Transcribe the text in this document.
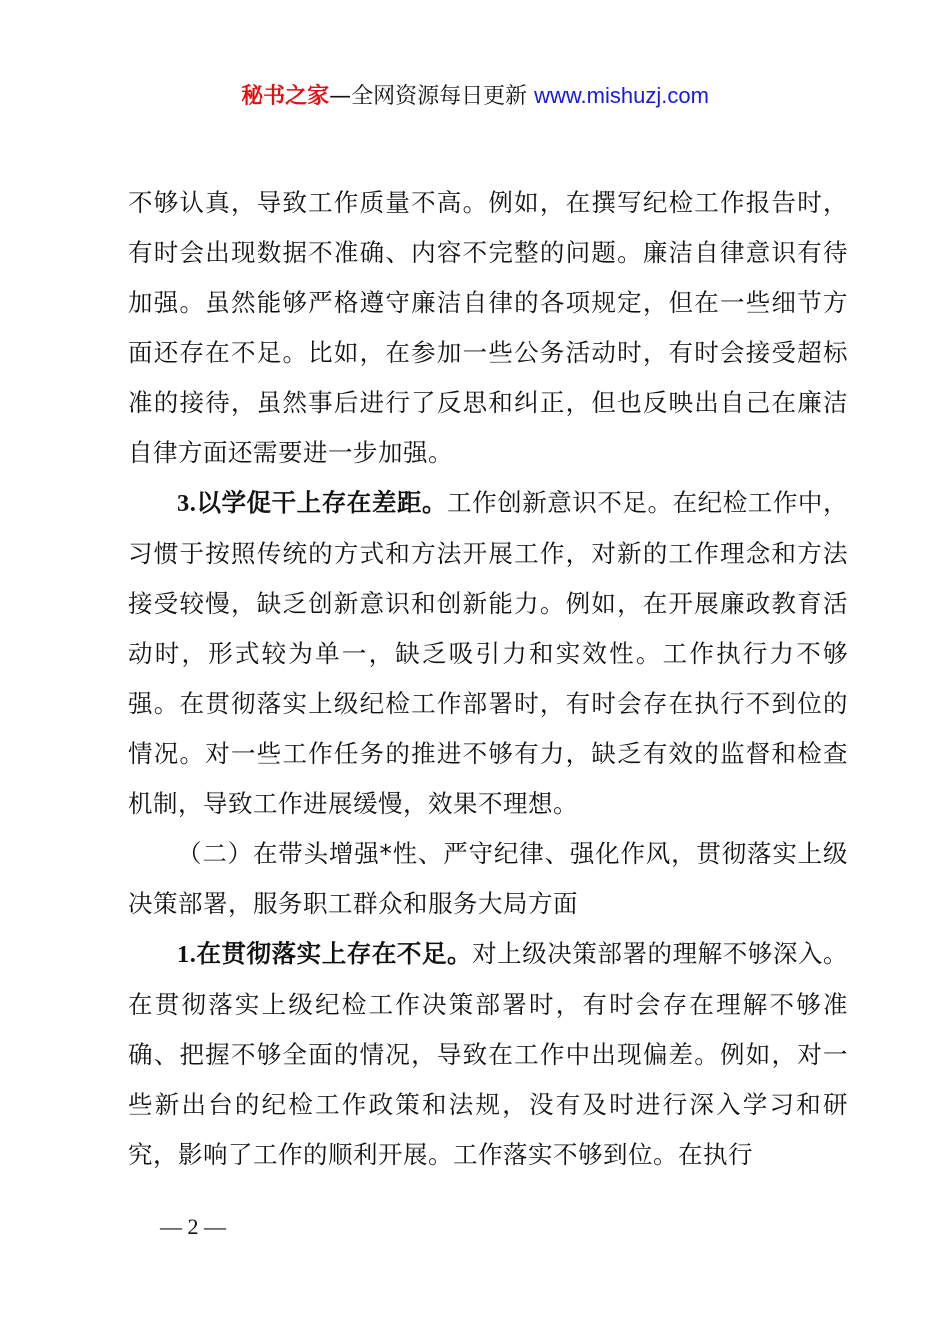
秘书之家—全网资源每日更新 www.mishuzj.com

不够认真，导致工作质量不高。例如，在撰写纪检工作报告时，有时会出现数据不准确、内容不完整的问题。廉洁自律意识有待加强。虽然能够严格遵守廉洁自律的各项规定，但在一些细节方面还存在不足。比如，在参加一些公务活动时，有时会接受超标准的接待，虽然事后进行了反思和纠正，但也反映出自己在廉洁自律方面还需要进一步加强。

3.以学促干上存在差距。工作创新意识不足。在纪检工作中，习惯于按照传统的方式和方法开展工作，对新的工作理念和方法接受较慢，缺乏创新意识和创新能力。例如，在开展廉政教育活动时，形式较为单一，缺乏吸引力和实效性。工作执行力不够强。在贯彻落实上级纪检工作部署时，有时会存在执行不到位的情况。对一些工作任务的推进不够有力，缺乏有效的监督和检查机制，导致工作进展缓慢，效果不理想。

（二）在带头增强*性、严守纪律、强化作风，贯彻落实上级决策部署，服务职工群众和服务大局方面

1.在贯彻落实上存在不足。对上级决策部署的理解不够深入。在贯彻落实上级纪检工作决策部署时，有时会存在理解不够准确、把握不够全面的情况，导致在工作中出现偏差。例如，对一些新出台的纪检工作政策和法规，没有及时进行深入学习和研究，影响了工作的顺利开展。工作落实不够到位。在执行

— 2 —
